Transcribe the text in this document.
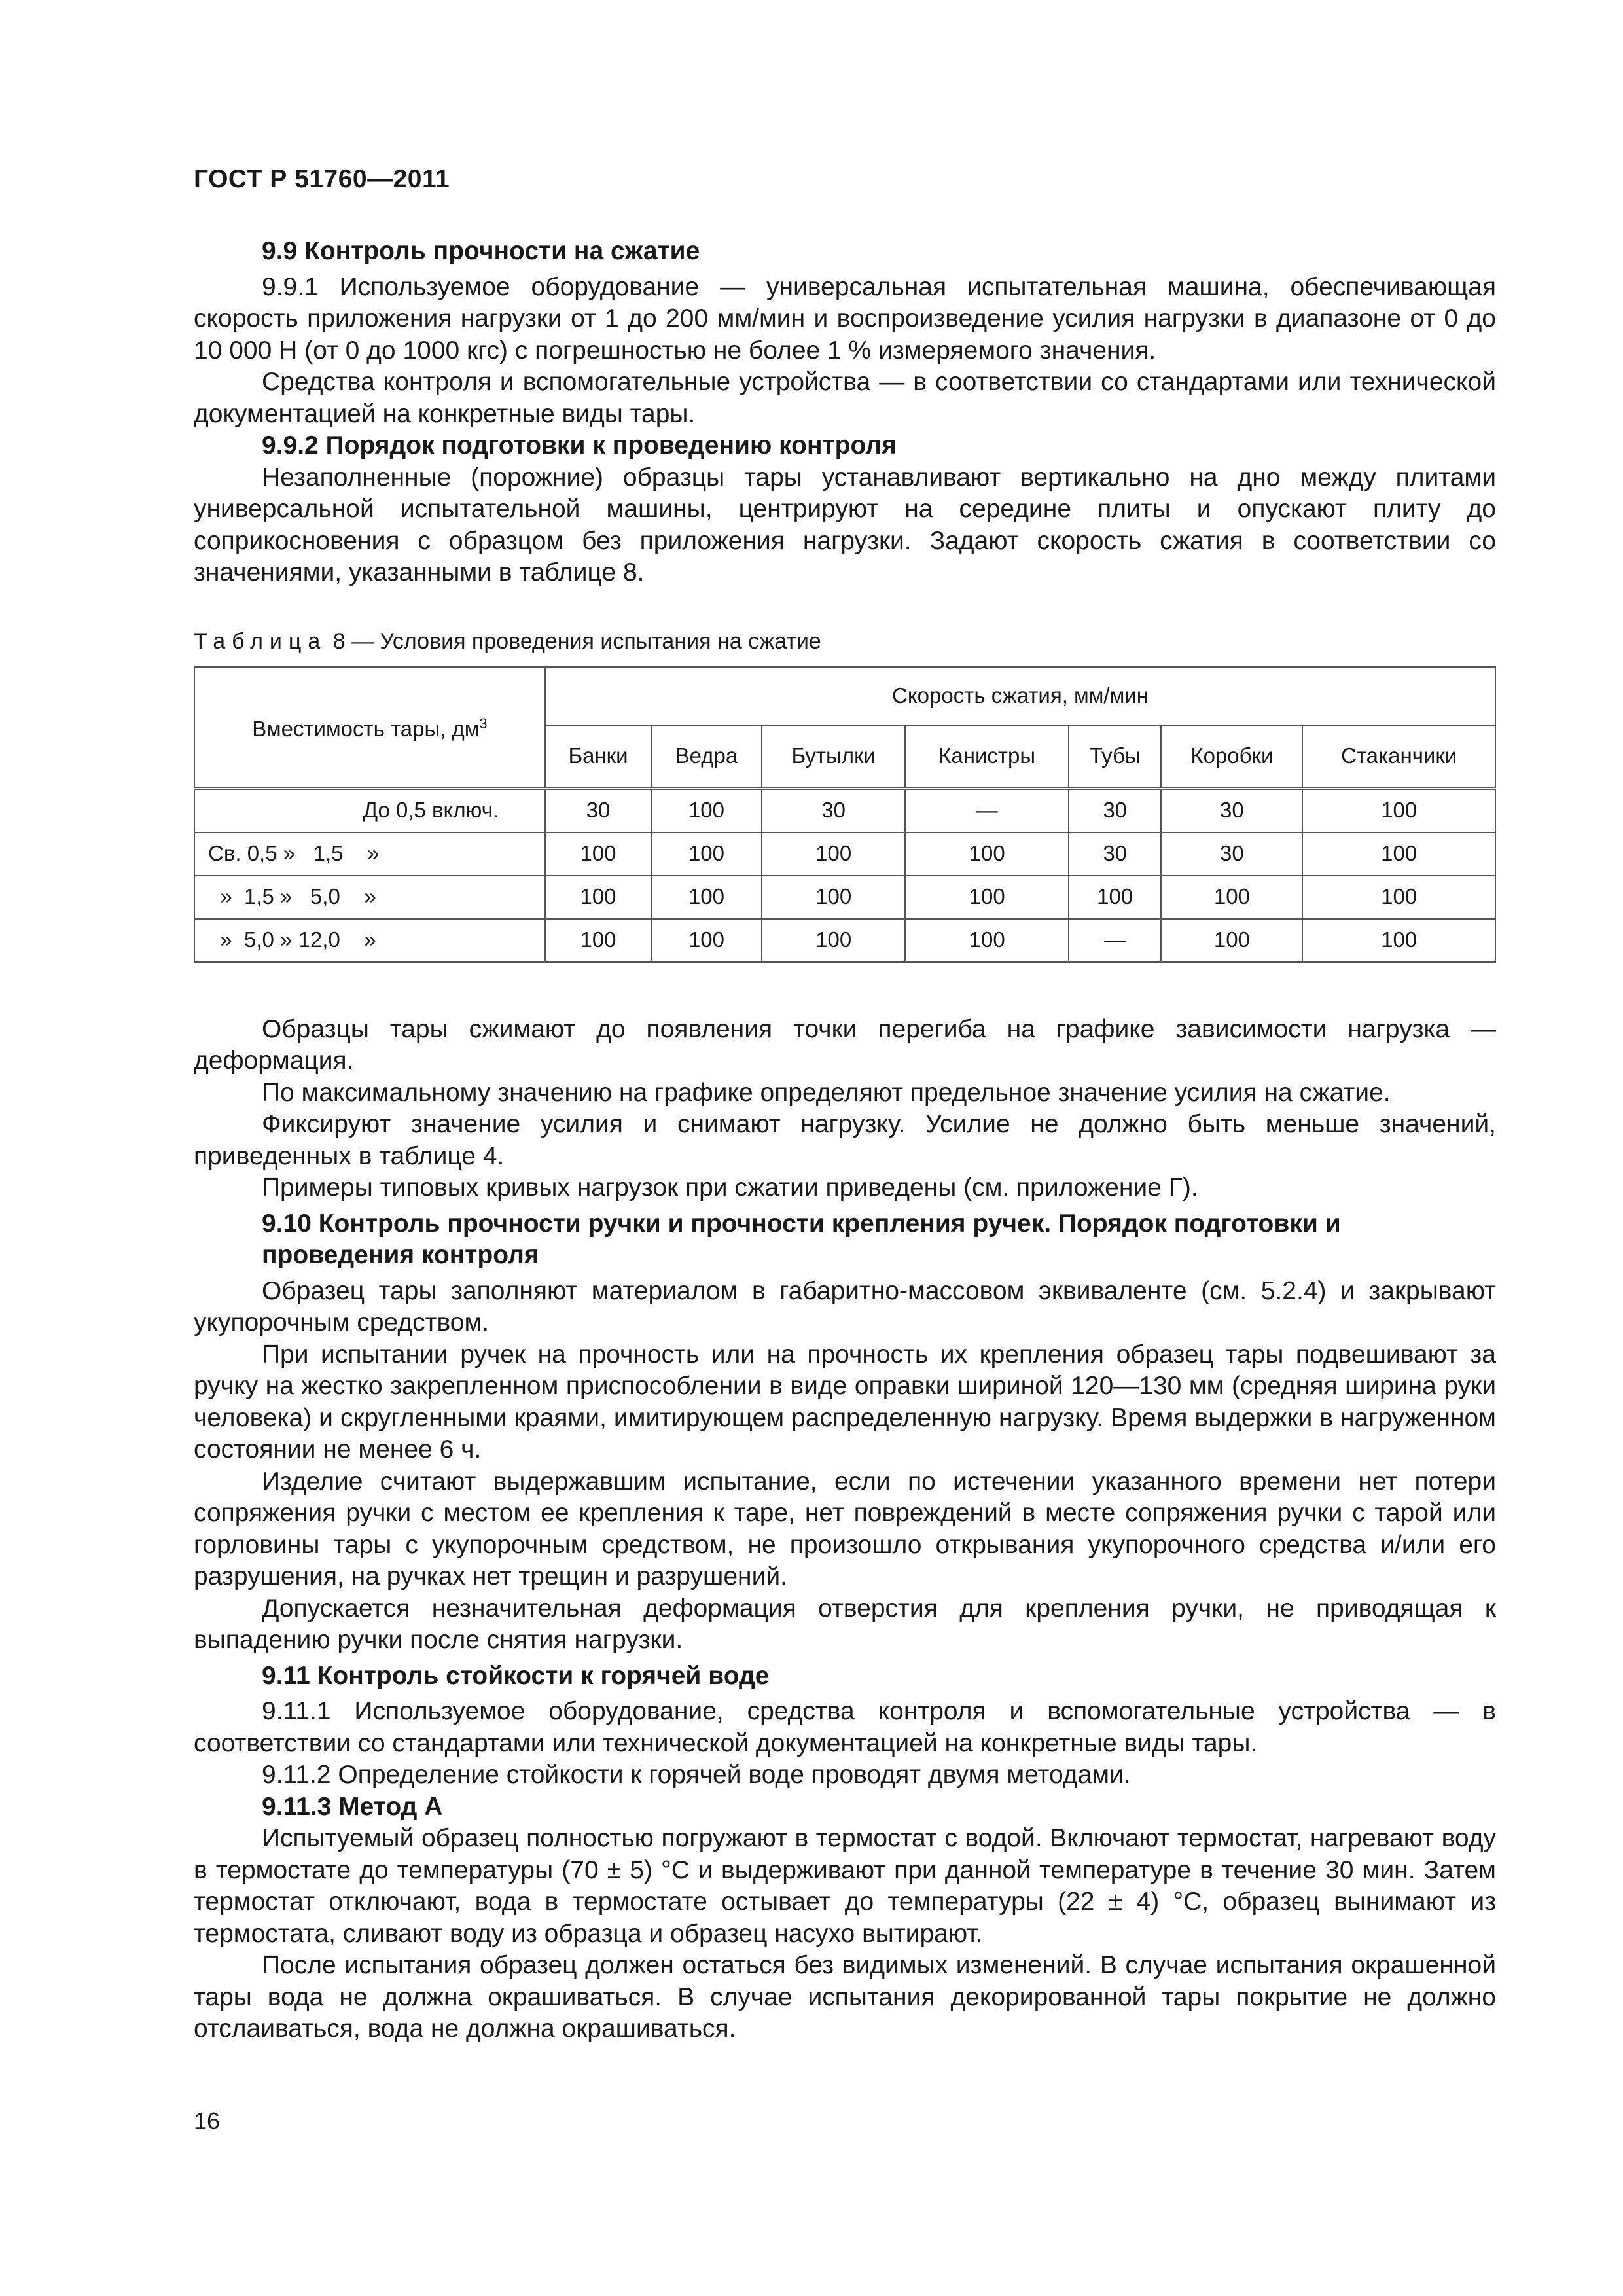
ГОСТ Р 51760—2011
9.9 Контроль прочности на сжатие

9.9.1 Используемое оборудование — универсальная испытательная машина, обеспечивающая скорость приложения нагрузки от 1 до 200 мм/мин и воспроизведение усилия нагрузки в диапазоне от 0 до 10 000 Н (от 0 до 1000 кгс) с погрешностью не более 1 % измеряемого значения.

Средства контроля и вспомогательные устройства — в соответствии со стандартами или технической документацией на конкретные виды тары.

9.9.2 Порядок подготовки к проведению контроля

Незаполненные (порожние) образцы тары устанавливают вертикально на дно между плитами универсальной испытательной машины, центрируют на середине плиты и опускают плиту до соприкосновения с образцом без приложения нагрузки. Задают скорость сжатия в соответствии со значениями, указанными в таблице 8.

Таблица 8 — Условия проведения испытания на сжатие
Вместимость тары, $дм^3$	Скорость сжатия, мм/мин						
	Банки	Ведра	Бутылки	Канистры	Тубы	Коробки	Стаканчики
До 0,5 включ.	30	100	30	—	30	30	100
Св. 0,5 »   1,5    »	100	100	100	100	30	30	100
»  1,5 »   5,0    »	100	100	100	100	100	100	100
»  5,0 » 12,0    »	100	100	100	100	—	100	100

Образцы тары сжимают до появления точки перегиба на графике зависимости нагрузка — деформация.

По максимальному значению на графике определяют предельное значение усилия на сжатие.

Фиксируют значение усилия и снимают нагрузку. Усилие не должно быть меньше значений, приведенных в таблице 4.

Примеры типовых кривых нагрузок при сжатии приведены (см. приложение Г).

9.10 Контроль прочности ручки и прочности крепления ручек. Порядок подготовки и проведения контроля

Образец тары заполняют материалом в габаритно-массовом эквиваленте (см. 5.2.4) и закрывают укупорочным средством.

При испытании ручек на прочность или на прочность их крепления образец тары подвешивают за ручку на жестко закрепленном приспособлении в виде оправки шириной 120—130 мм (средняя ширина руки человека) и скругленными краями, имитирующем распределенную нагрузку. Время выдержки в нагруженном состоянии не менее 6 ч.

Изделие считают выдержавшим испытание, если по истечении указанного времени нет потери сопряжения ручки с местом ее крепления к таре, нет повреждений в месте сопряжения ручки с тарой или горловины тары с укупорочным средством, не произошло открывания укупорочного средства и/или его разрушения, на ручках нет трещин и разрушений.

Допускается незначительная деформация отверстия для крепления ручки, не приводящая к выпадению ручки после снятия нагрузки.

9.11 Контроль стойкости к горячей воде

9.11.1 Используемое оборудование, средства контроля и вспомогательные устройства — в соответствии со стандартами или технической документацией на конкретные виды тары.

9.11.2 Определение стойкости к горячей воде проводят двумя методами.

9.11.3 Метод А

Испытуемый образец полностью погружают в термостат с водой. Включают термостат, нагревают воду в термостате до температуры (70 ± 5) °С и выдерживают при данной температуре в течение 30 мин. Затем термостат отключают, вода в термостате остывает до температуры (22 ± 4) °С, образец вынимают из термостата, сливают воду из образца и образец насухо вытирают.

После испытания образец должен остаться без видимых изменений. В случае испытания окрашенной тары вода не должна окрашиваться. В случае испытания декорированной тары покрытие не должно отслаиваться, вода не должна окрашиваться.

16
